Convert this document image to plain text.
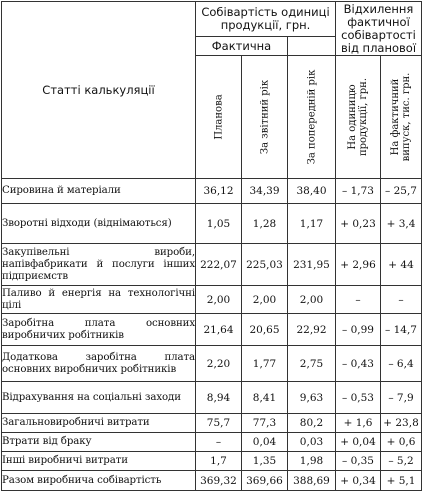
Статті калькуляції	Собівартість одиниці продукції, грн.			Відхилення фактичної собівартості від планової	
	Фактична				

	Планова	За звітний рік	За попередній рік	На одиницю продукції, грн.	На фактичний випуск, тис. грн.

Сировина й матеріали	36,12	34,39	38,40	– 1,73	– 25,7
Зворотні відходи (віднімаються)	1,05	1,28	1,17	+ 0,23	+ 3,4
Закупівельні вироби, напівфабрикати й послуги інших підприємств	222,07	225,03	231,95	+ 2,96	+ 44
Паливо й енергія на технологічні цілі	2,00	2,00	2,00	–	–
Заробітна плата основних виробничих робітників	21,64	20,65	22,92	– 0,99	– 14,7
Додаткова заробітна плата основних виробничих робітників	2,20	1,77	2,75	– 0,43	– 6,4
Відрахування на соціальні заходи	8,94	8,41	9,63	– 0,53	– 7,9
Загальновиробничі витрати	75,7	77,3	80,2	+ 1,6	+ 23,8
Втрати від браку	–	0,04	0,03	+ 0,04	+ 0,6
Інші виробничі витрати	1,7	1,35	1,98	– 0,35	– 5,2
Разом виробнича собівартість	369,32	369,66	388,69	+ 0,34	+ 5,1
